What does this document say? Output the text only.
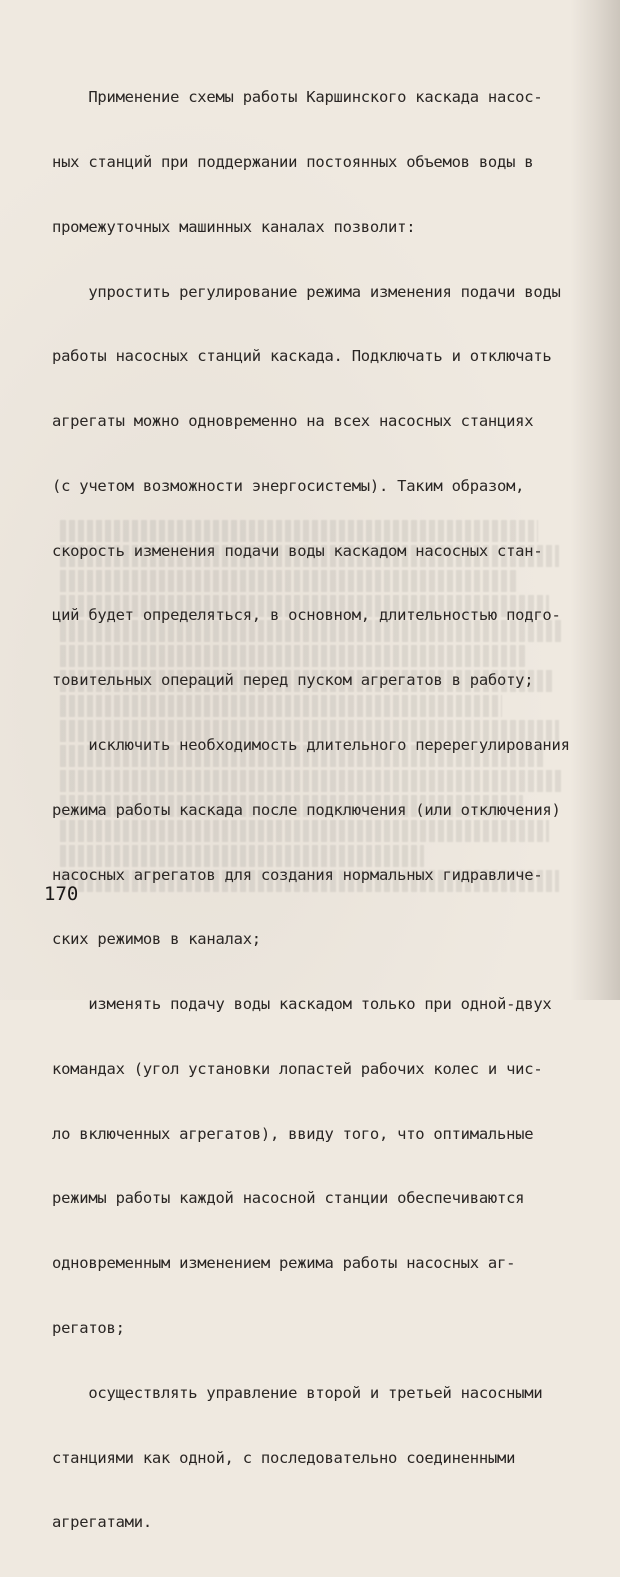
Применение схемы работы Каршинского каскада насос-

ных станций при поддержании постоянных объемов воды в

промежуточных машинных каналах позволит:

упростить регулирование режима изменения подачи воды

работы насосных станций каскада. Подключать и отключать

агрегаты можно одновременно на всех насосных станциях

(с учетом возможности энергосистемы). Таким образом,

скорость изменения подачи воды каскадом насосных стан-

ций будет определяться, в основном, длительностью подго-

товительных операций перед пуском агрегатов в работу;

исключить необходимость длительного перерегулирования

режима работы каскада после подключения (или отключения)

насосных агрегатов для создания нормальных гидравличе-

ских режимов в каналах;

изменять подачу воды каскадом только при одной-двух

командах (угол установки лопастей рабочих колес и чис-

ло включенных агрегатов), ввиду того, что оптимальные

режимы работы каждой насосной станции обеспечиваются

одновременным изменением режима работы насосных аг-

регатов;

осуществлять управление второй и третьей насосными

станциями как одной, с последовательно соединенными

агрегатами.

170
